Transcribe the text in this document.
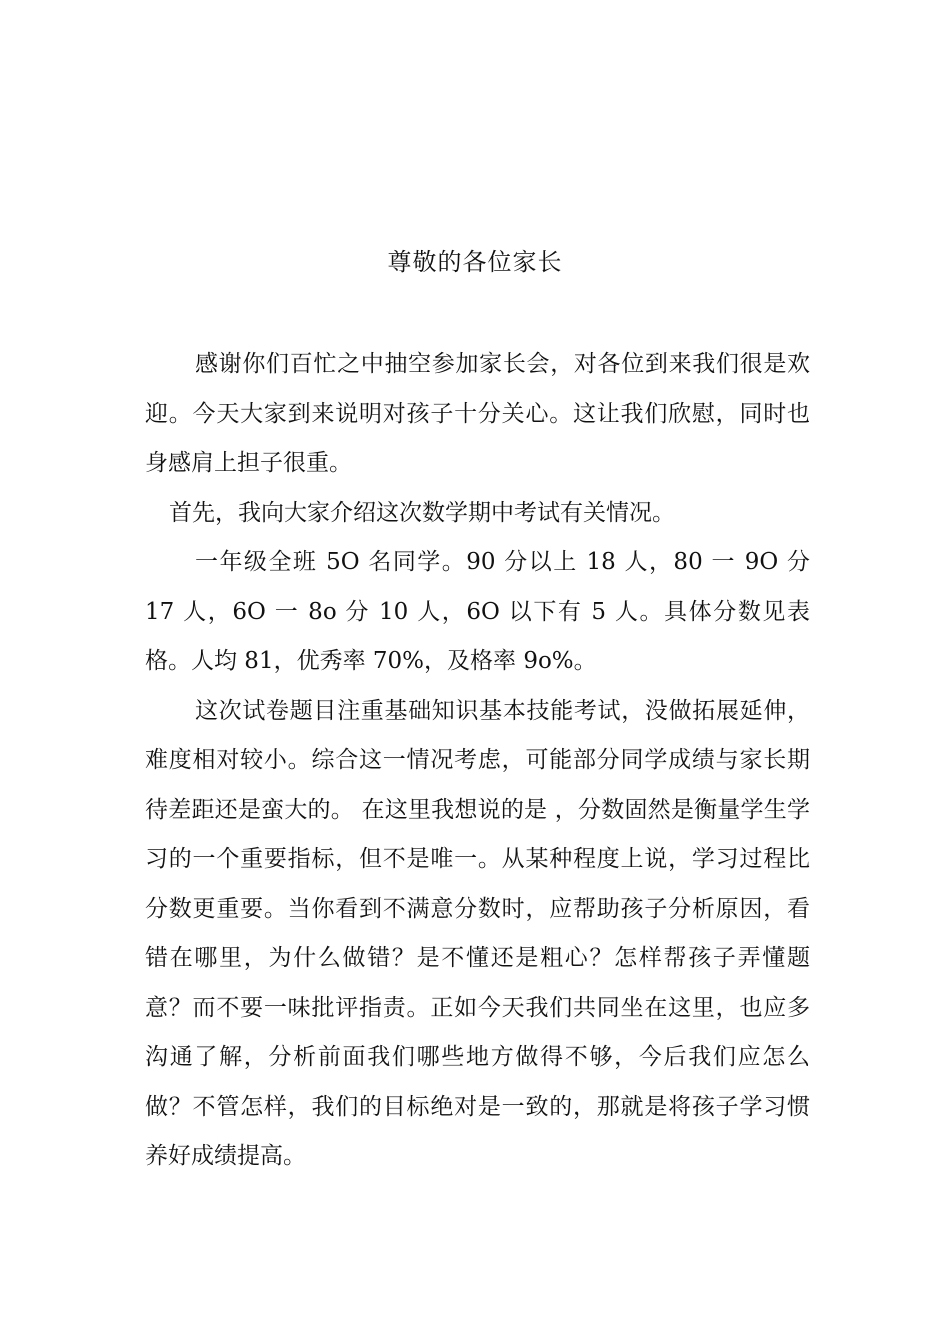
尊敬的各位家长

感谢你们百忙之中抽空参加家长会，对各位到来我们很是欢迎。今天大家到来说明对孩子十分关心。这让我们欣慰，同时也身感肩上担子很重。

首先，我向大家介绍这次数学期中考试有关情况。

一年级全班 5O 名同学。90 分以上 18 人，80 一 9O 分 17 人，6O 一 8o 分 10 人，6O 以下有 5 人。具体分数见表格。人均 81，优秀率 70%，及格率 9o%。

这次试卷题目注重基础知识基本技能考试，没做拓展延伸，难度相对较小。综合这一情况考虑，可能部分同学成绩与家长期待差距还是蛮大的。 在这里我想说的是 ，分数固然是衡量学生学习的一个重要指标，但不是唯一。从某种程度上说，学习过程比分数更重要。当你看到不满意分数时，应帮助孩子分析原因，看错在哪里，为什么做错？是不懂还是粗心？怎样帮孩子弄懂题意？而不要一味批评指责。正如今天我们共同坐在这里，也应多沟通了解，分析前面我们哪些地方做得不够，今后我们应怎么做？不管怎样，我们的目标绝对是一致的，那就是将孩子学习惯养好成绩提高。
